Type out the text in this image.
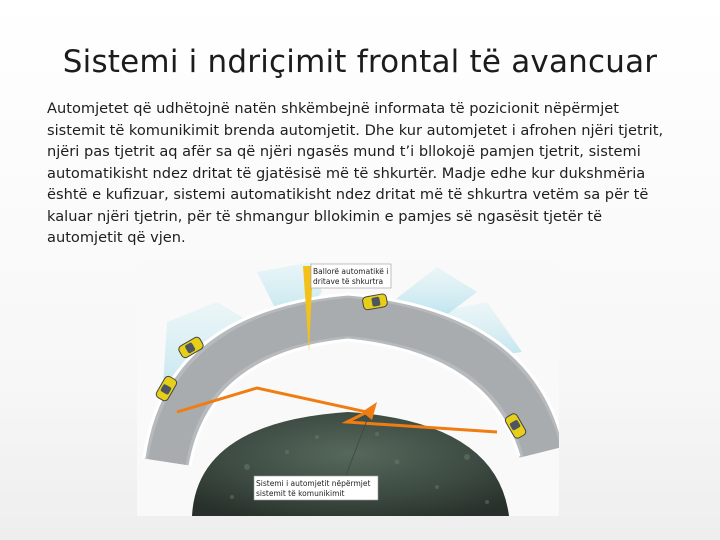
Sistemi i ndriçimit frontal të avancuar

Automjetet që udhëtojnë natën shkëmbejnë informata të pozicionit nëpërmjet sistemit të komunikimit brenda automjetit. Dhe kur automjetet i afrohen njëri tjetrit, njëri pas tjetrit aq afër sa që njëri ngasës mund t’i bllokojë pamjen tjetrit, sistemi automatikisht ndez dritat të gjatësisë më të shkurtër. Madje edhe kur dukshmëria është e kufizuar, sistemi automatikisht ndez dritat më të shkurtra vetëm sa për të kaluar njëri tjetrin, për të shmangur bllokimin e pamjes së ngasësit tjetër të automjetit që vjen.

Ballorë automatikë i
dritave të shkurtra
Sistemi i automjetit nëpërmjet
sistemit të komunikimit
